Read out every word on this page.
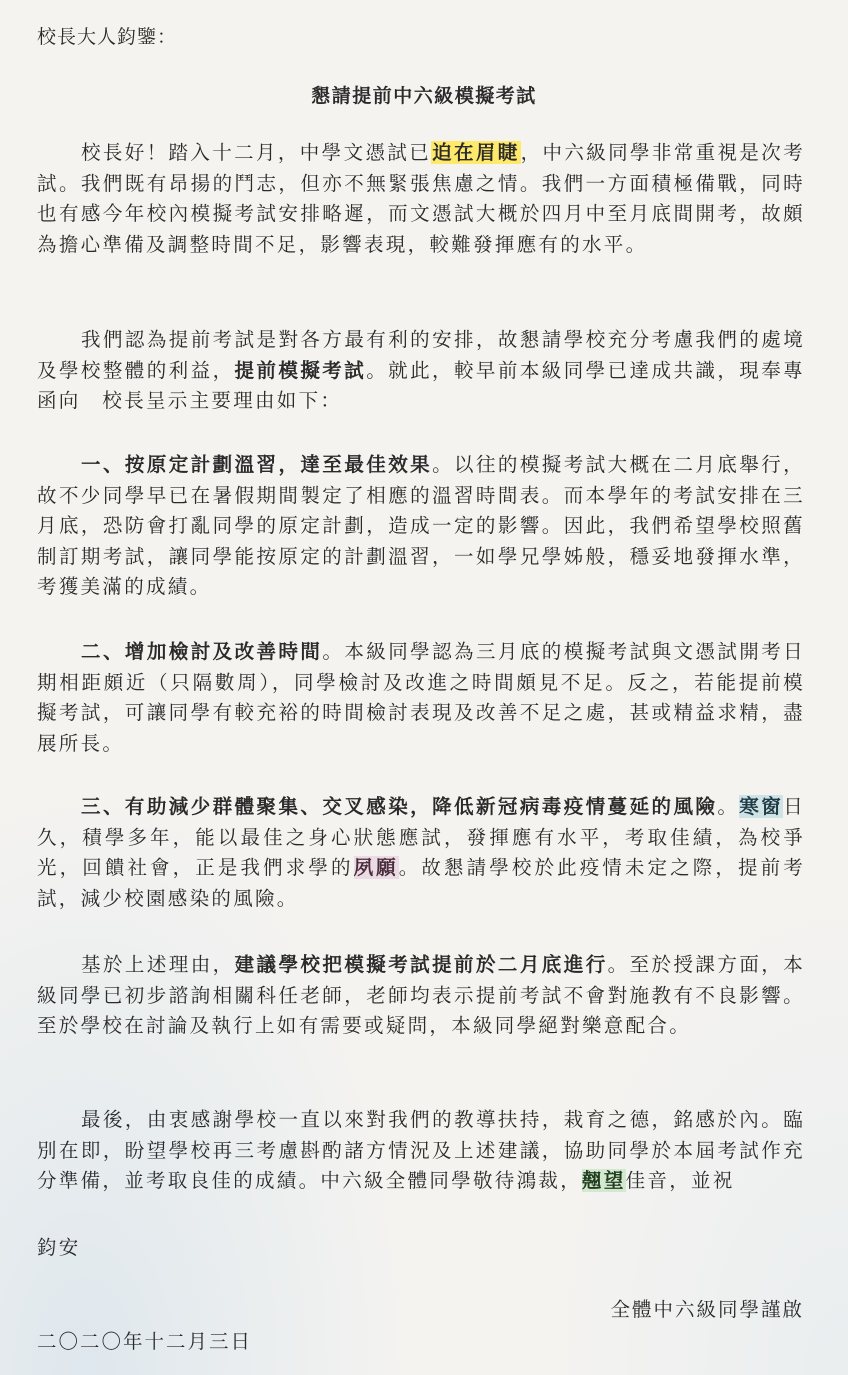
校長大人鈞鑒：
懇請提前中六級模擬考試

校長好！踏入十二月，中學文憑試已迫在眉睫，中六級同學非常重視是次考試。我們既有昂揚的鬥志，但亦不無緊張焦慮之情。我們一方面積極備戰，同時也有感今年校內模擬考試安排略遲，而文憑試大概於四月中至月底間開考，故頗為擔心準備及調整時間不足，影響表現，較難發揮應有的水平。

我們認為提前考試是對各方最有利的安排，故懇請學校充分考慮我們的處境及學校整體的利益，提前模擬考試。就此，較早前本級同學已達成共識，現奉專函向　校長呈示主要理由如下：

一、按原定計劃溫習，達至最佳效果。以往的模擬考試大概在二月底舉行，故不少同學早已在暑假期間製定了相應的溫習時間表。而本學年的考試安排在三月底，恐防會打亂同學的原定計劃，造成一定的影響。因此，我們希望學校照舊制訂期考試，讓同學能按原定的計劃溫習，一如學兄學姊般，穩妥地發揮水準，考獲美滿的成績。

二、增加檢討及改善時間。本級同學認為三月底的模擬考試與文憑試開考日期相距頗近（只隔數周），同學檢討及改進之時間頗見不足。反之，若能提前模擬考試，可讓同學有較充裕的時間檢討表現及改善不足之處，甚或精益求精，盡展所長。

三、有助減少群體聚集、交叉感染，降低新冠病毒疫情蔓延的風險。寒窗日久，積學多年，能以最佳之身心狀態應試，發揮應有水平，考取佳績，為校爭光，回饋社會，正是我們求學的夙願。故懇請學校於此疫情未定之際，提前考試，減少校園感染的風險。

基於上述理由，建議學校把模擬考試提前於二月底進行。至於授課方面，本級同學已初步諮詢相關科任老師，老師均表示提前考試不會對施教有不良影響。至於學校在討論及執行上如有需要或疑問，本級同學絕對樂意配合。

最後，由衷感謝學校一直以來對我們的教導扶持，栽育之德，銘感於內。臨別在即，盼望學校再三考慮斟酌諸方情況及上述建議，協助同學於本屆考試作充分準備，並考取良佳的成績。中六級全體同學敬待鴻裁，翹望佳音，並祝

鈞安
全體中六級同學謹啟
二〇二〇年十二月三日
